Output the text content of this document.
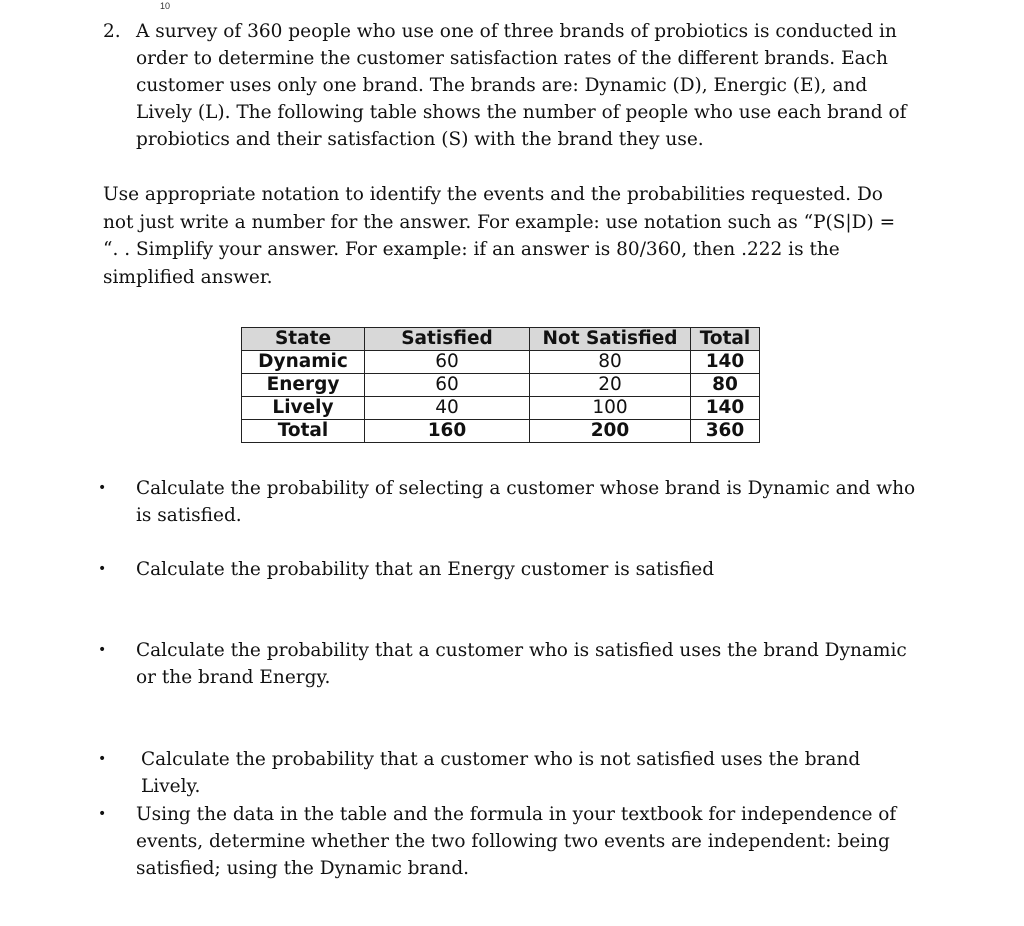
10
2. A survey of 360 people who use one of three brands of probiotics is conducted in order to determine the customer satisfaction rates of the different brands. Each customer uses only one brand. The brands are: Dynamic (D), Energic (E), and Lively (L). The following table shows the number of people who use each brand of probiotics and their satisfaction (S) with the brand they use.
Use appropriate notation to identify the events and the probabilities requested. Do not just write a number for the answer. For example: use notation such as “P(S|D) = “. . Simplify your answer. For example: if an answer is 80/360, then .222 is the simplified answer.
State	Satisfied	Not Satisfied	Total
Dynamic	60	80	140
Energy	60	20	80
Lively	40	100	140
Total	160	200	360
• Calculate the probability of selecting a customer whose brand is Dynamic and who is satisfied.
• Calculate the probability that an Energy customer is satisfied
• Calculate the probability that a customer who is satisfied uses the brand Dynamic or the brand Energy.
• Calculate the probability that a customer who is not satisfied uses the brand Lively.
• Using the data in the table and the formula in your textbook for independence of events, determine whether the two following two events are independent: being satisfied; using the Dynamic brand.
